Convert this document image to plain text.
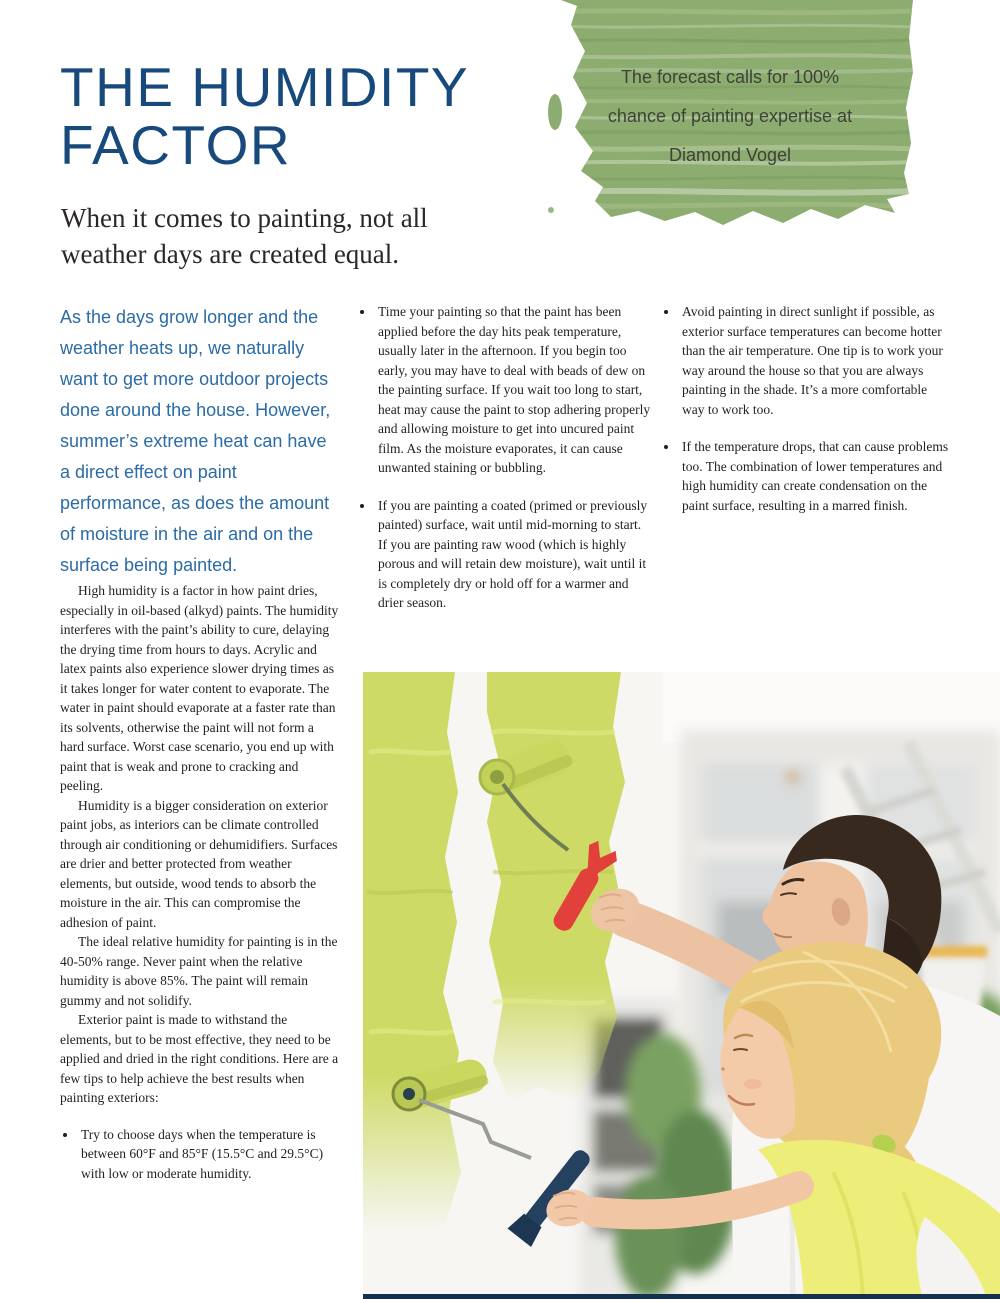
THE HUMIDITY
FACTOR
When it comes to painting, not all weather days are created equal.
The forecast calls for 100%
chance of painting expertise at
Diamond Vogel

As the days grow longer and the weather heats up, we naturally want to get more outdoor projects done around the house. However, summer’s extreme heat can have a direct effect on paint performance, as does the amount of moisture in the air and on the surface being painted.

High humidity is a factor in how paint dries, especially in oil-based (alkyd) paints. The humidity interferes with the paint’s ability to cure, delaying the drying time from hours to days. Acrylic and latex paints also experience slower drying times as it takes longer for water content to evaporate. The water in paint should evaporate at a faster rate than its solvents, otherwise the paint will not form a hard surface. Worst case scenario, you end up with paint that is weak and prone to cracking and peeling.

Humidity is a bigger consideration on exterior paint jobs, as interiors can be climate controlled through air conditioning or dehumidifiers. Surfaces are drier and better protected from weather elements, but outside, wood tends to absorb the moisture in the air. This can compromise the adhesion of paint.

The ideal relative humidity for painting is in the 40-50% range. Never paint when the relative humidity is above 85%. The paint will remain gummy and not solidify.

Exterior paint is made to withstand the elements, but to be most effective, they need to be applied and dried in the right conditions. Here are a few tips to help achieve the best results when painting exteriors:

• Try to choose days when the temperature is between 60°F and 85°F (15.5°C and 29.5°C) with low or moderate humidity.
• Time your painting so that the paint has been applied before the day hits peak temperature, usually later in the afternoon. If you begin too early, you may have to deal with beads of dew on the painting surface. If you wait too long to start, heat may cause the paint to stop adhering properly and allowing moisture to get into uncured paint film. As the moisture evaporates, it can cause unwanted staining or bubbling.
• If you are painting a coated (primed or previously painted) surface, wait until mid-morning to start. If you are painting raw wood (which is highly porous and will retain dew moisture), wait until it is completely dry or hold off for a warmer and drier season.
• Avoid painting in direct sunlight if possible, as exterior surface temperatures can become hotter than the air temperature. One tip is to work your way around the house so that you are always painting in the shade. It’s a more comfortable way to work too.
• If the temperature drops, that can cause problems too. The combination of lower temperatures and high humidity can create condensation on the paint surface, resulting in a marred finish.
